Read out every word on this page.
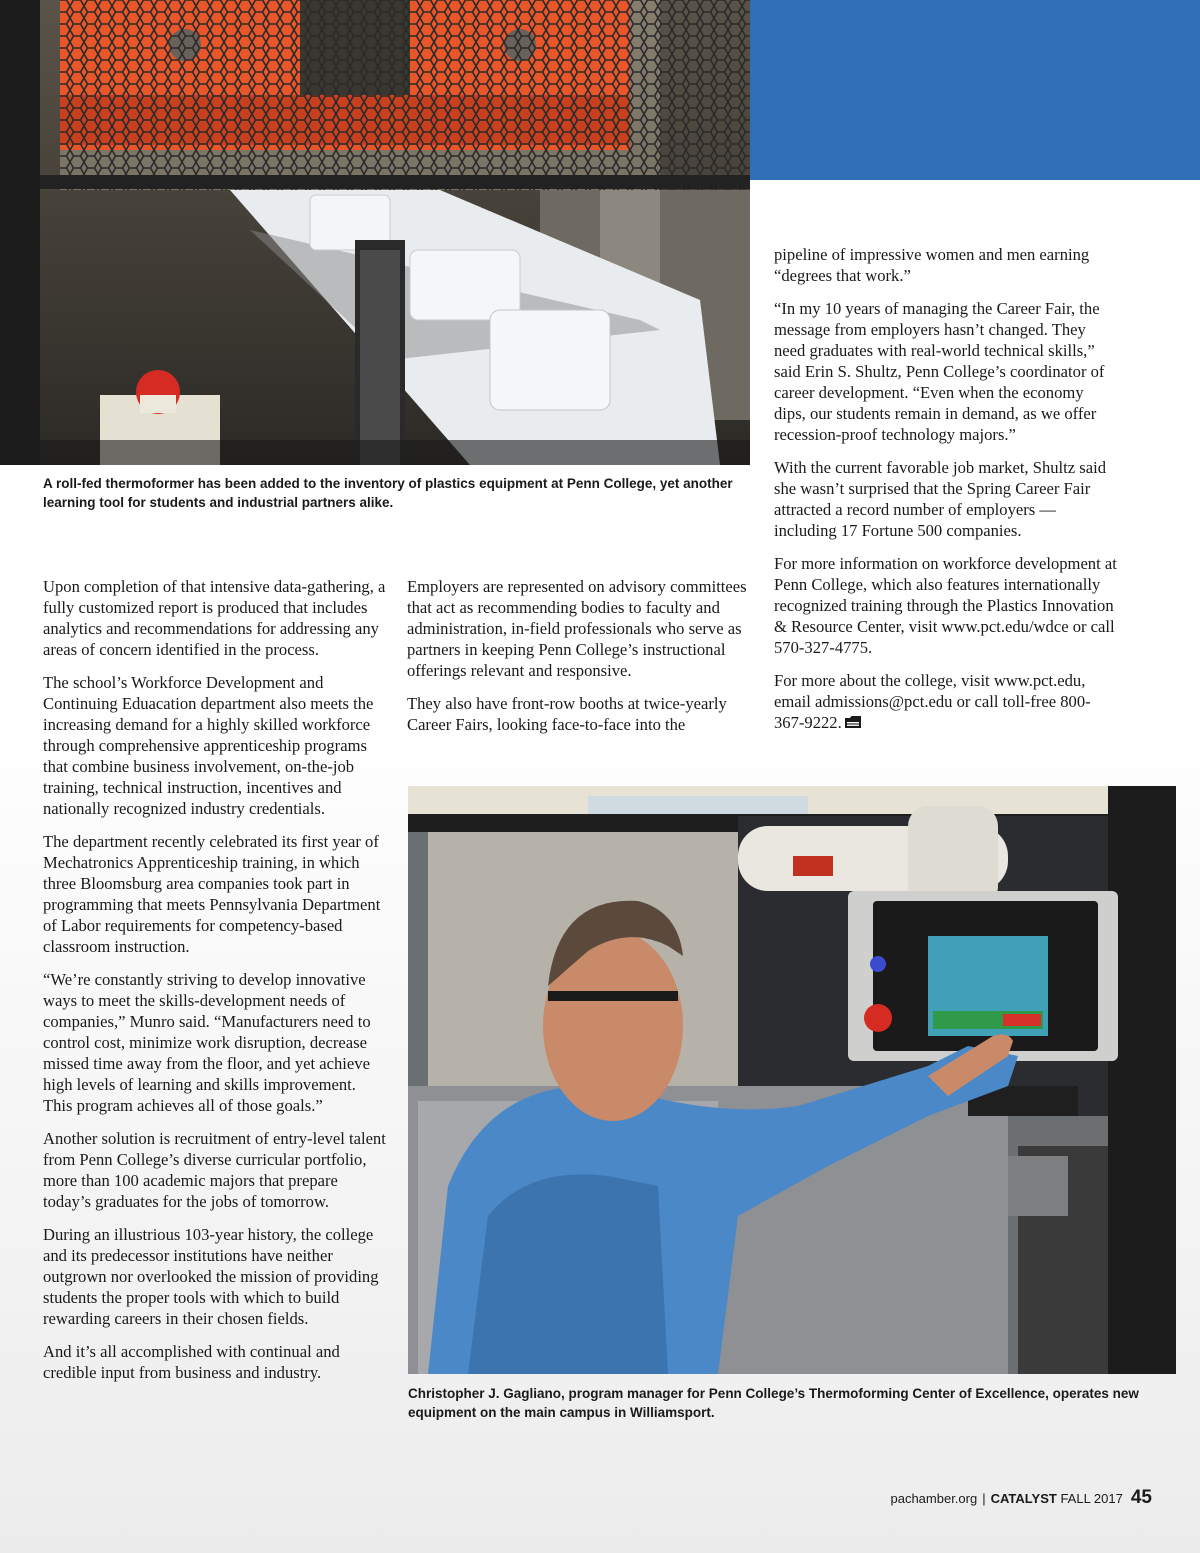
A roll-fed thermoformer has been added to the inventory of plastics equipment at Penn College, yet another learning tool for students and industrial partners alike.

Upon completion of that intensive data-gathering, a fully customized report is produced that includes analytics and recommendations for addressing any areas of concern identified in the process.

The school’s Workforce Development and Continuing Eduacation department also meets the increasing demand for a highly skilled workforce through comprehensive apprenticeship programs that combine business involvement, on-the-job training, technical instruction, incentives and nationally recognized industry credentials.

The department recently celebrated its first year of Mechatronics Apprenticeship training, in which three Bloomsburg area companies took part in programming that meets Pennsylvania Department of Labor requirements for competency-based classroom instruction.

“We’re constantly striving to develop innovative ways to meet the skills-development needs of companies,” Munro said. “Manufacturers need to control cost, minimize work disruption, decrease missed time away from the floor, and yet achieve high levels of learning and skills improvement. This program achieves all of those goals.”

Another solution is recruitment of entry-level talent from Penn College’s diverse curricular portfolio, more than 100 academic majors that prepare today’s graduates for the jobs of tomorrow.

During an illustrious 103-year history, the college and its predecessor institutions have neither outgrown nor overlooked the mission of providing students the proper tools with which to build rewarding careers in their chosen fields.

And it’s all accomplished with continual and credible input from business and industry.

Employers are represented on advisory committees that act as recommending bodies to faculty and administration, in-field professionals who serve as partners in keeping Penn College’s instructional offerings relevant and responsive.

They also have front-row booths at twice-yearly Career Fairs, looking face-to-face into the

pipeline of impressive women and men earning “degrees that work.”

“In my 10 years of managing the Career Fair, the message from employers hasn’t changed. They need graduates with real-world technical skills,” said Erin S. Shultz, Penn College’s coordinator of career development. “Even when the economy dips, our students remain in demand, as we offer recession-proof technology majors.”

With the current favorable job market, Shultz said she wasn’t surprised that the Spring Career Fair attracted a record number of employers — including 17 Fortune 500 companies.

For more information on workforce development at Penn College, which also features internationally recognized training through the Plastics Innovation & Resource Center, visit www.pct.edu/wdce or call 570-327-4775.

For more about the college, visit www.pct.edu, email admissions@pct.edu or call toll-free 800-367-9222.

Christopher J. Gagliano, program manager for Penn College’s Thermoforming Center of Excellence, operates new equipment on the main campus in Williamsport.
pachamber.org | CATALYST FALL 2017 45
